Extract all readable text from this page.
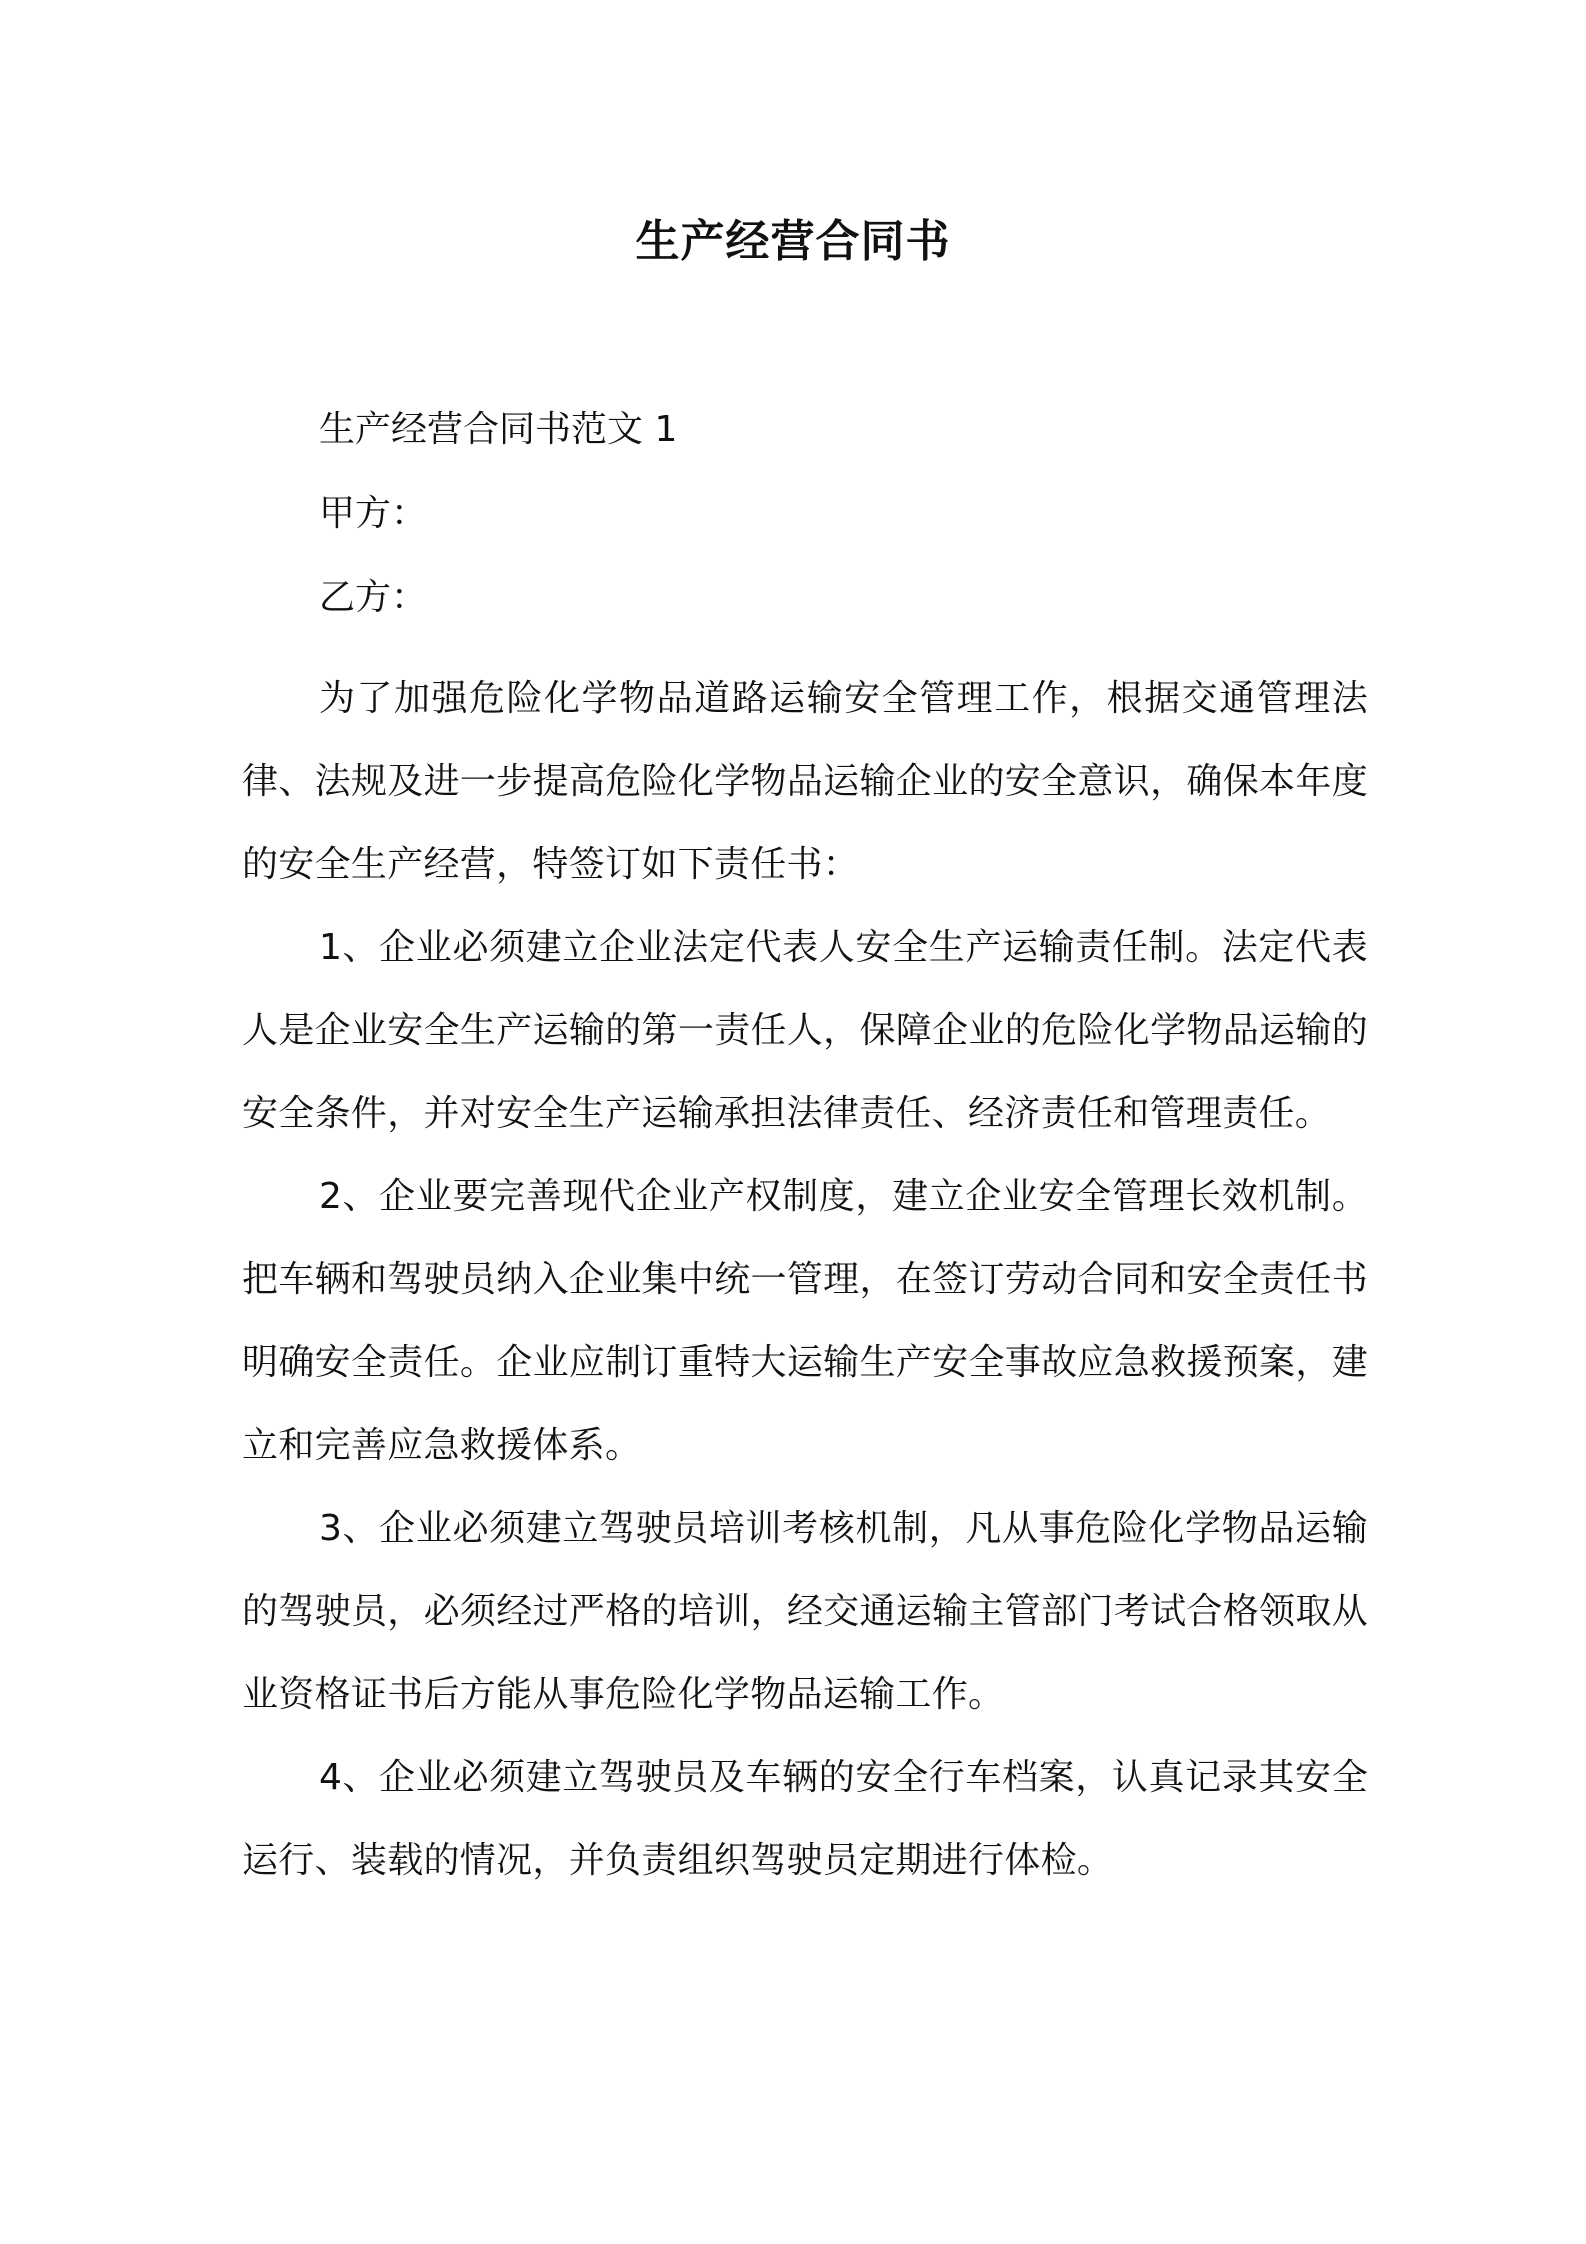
生产经营合同书

生产经营合同书范文 1

甲方：

乙方：

为了加强危险化学物品道路运输安全管理工作，根据交通管理法律、法规及进一步提高危险化学物品运输企业的安全意识，确保本年度的安全生产经营，特签订如下责任书：

1、企业必须建立企业法定代表人安全生产运输责任制。法定代表人是企业安全生产运输的第一责任人，保障企业的危险化学物品运输的安全条件，并对安全生产运输承担法律责任、经济责任和管理责任。

2、企业要完善现代企业产权制度，建立企业安全管理长效机制。把车辆和驾驶员纳入企业集中统一管理，在签订劳动合同和安全责任书明确安全责任。企业应制订重特大运输生产安全事故应急救援预案，建立和完善应急救援体系。

3、企业必须建立驾驶员培训考核机制，凡从事危险化学物品运输的驾驶员，必须经过严格的培训，经交通运输主管部门考试合格领取从业资格证书后方能从事危险化学物品运输工作。

4、企业必须建立驾驶员及车辆的安全行车档案，认真记录其安全运行、装载的情况，并负责组织驾驶员定期进行体检。
